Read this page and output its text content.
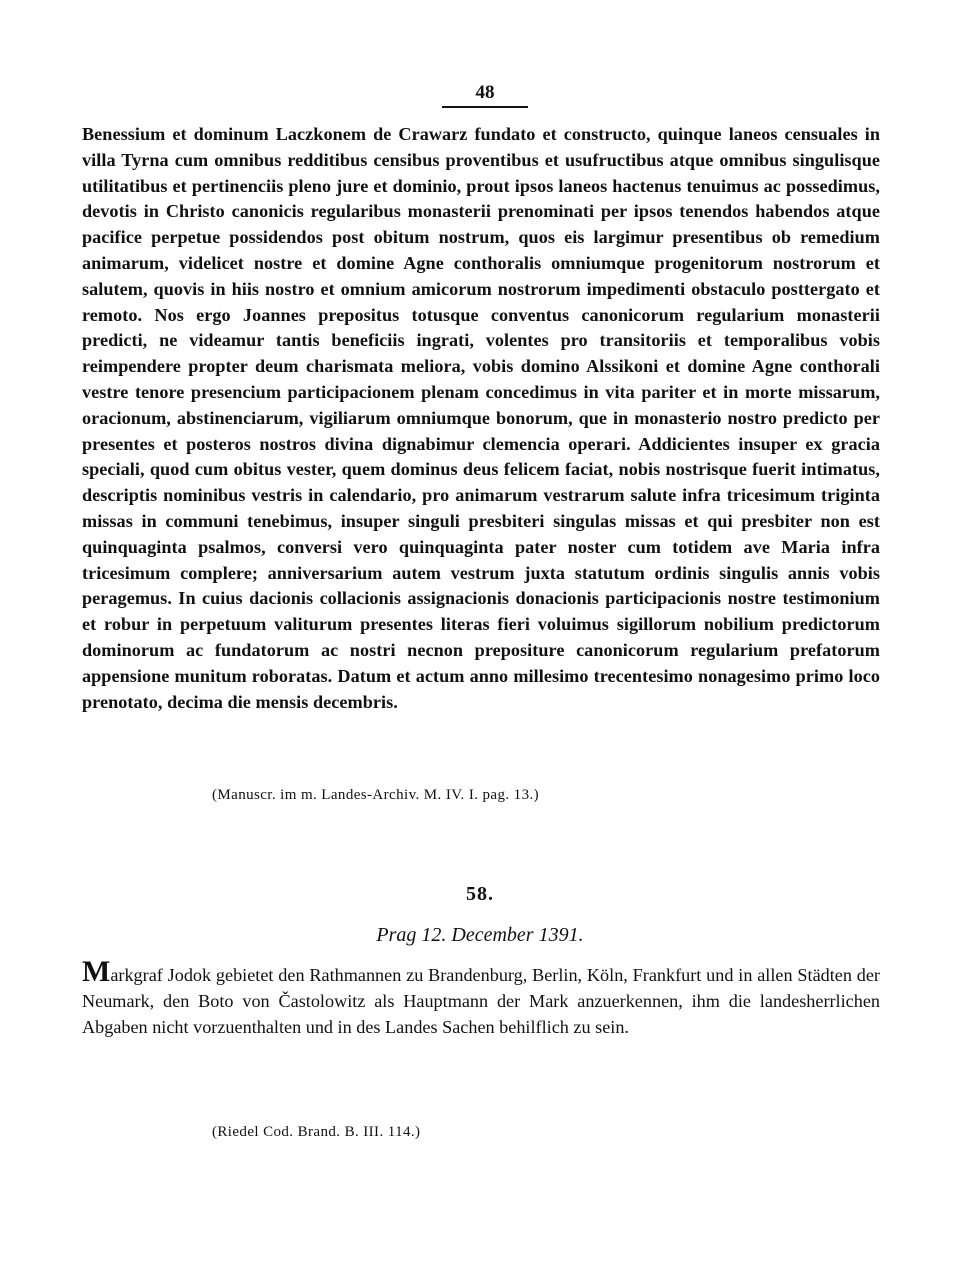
48
Benessium et dominum Laczkonem de Crawarz fundato et constructo, quinque laneos censuales in villa Tyrna cum omnibus redditibus censibus proventibus et usufructibus atque omnibus singulisque utilitatibus et pertinenciis pleno jure et dominio, prout ipsos laneos hactenus tenuimus ac possedimus, devotis in Christo canonicis regularibus monasterii prenominati per ipsos tenendos habendos atque pacifice perpetue possidendos post obitum nostrum, quos eis largimur presentibus ob remedium animarum, videlicet nostre et domine Agne conthoralis omniumque progenitorum nostrorum et salutem, quovis in hiis nostro et omnium amicorum nostrorum impedimenti obstaculo posttergato et remoto. Nos ergo Joannes prepositus totusque conventus canonicorum regularium monasterii predicti, ne videamur tantis beneficiis ingrati, volentes pro transitoriis et temporalibus vobis reimpendere propter deum charismata meliora, vobis domino Alssikoni et domine Agne conthorali vestre tenore presencium participacionem plenam concedimus in vita pariter et in morte missarum, oracionum, abstinenciarum, vigiliarum omniumque bonorum, que in monasterio nostro predicto per presentes et posteros nostros divina dignabimur clemencia operari. Addicientes insuper ex gracia speciali, quod cum obitus vester, quem dominus deus felicem faciat, nobis nostrisque fuerit intimatus, descriptis nominibus vestris in calendario, pro animarum vestrarum salute infra tricesimum triginta missas in communi tenebimus, insuper singuli presbiteri singulas missas et qui presbiter non est quinquaginta psalmos, conversi vero quinquaginta pater noster cum totidem ave Maria infra tricesimum complere; anniversarium autem vestrum juxta statutum ordinis singulis annis vobis peragemus. In cuius dacionis collacionis assignacionis donacionis participacionis nostre testimonium et robur in perpetuum valiturum presentes literas fieri voluimus sigillorum nobilium predictorum dominorum ac fundatorum ac nostri necnon prepositure canonicorum regularium prefatorum appensione munitum roboratas. Datum et actum anno millesimo trecentesimo nonagesimo primo loco prenotato, decima die mensis decembris.
(Manuscr. im m. Landes-Archiv. M. IV. I. pag. 13.)
58.
Prag 12. December 1391.
Markgraf Jodok gebietet den Rathmannen zu Brandenburg, Berlin, Köln, Frankfurt und in allen Städten der Neumark, den Boto von Častolowitz als Hauptmann der Mark anzuerkennen, ihm die landesherrlichen Abgaben nicht vorzuenthalten und in des Landes Sachen behilflich zu sein.
(Riedel Cod. Brand. B. III. 114.)
